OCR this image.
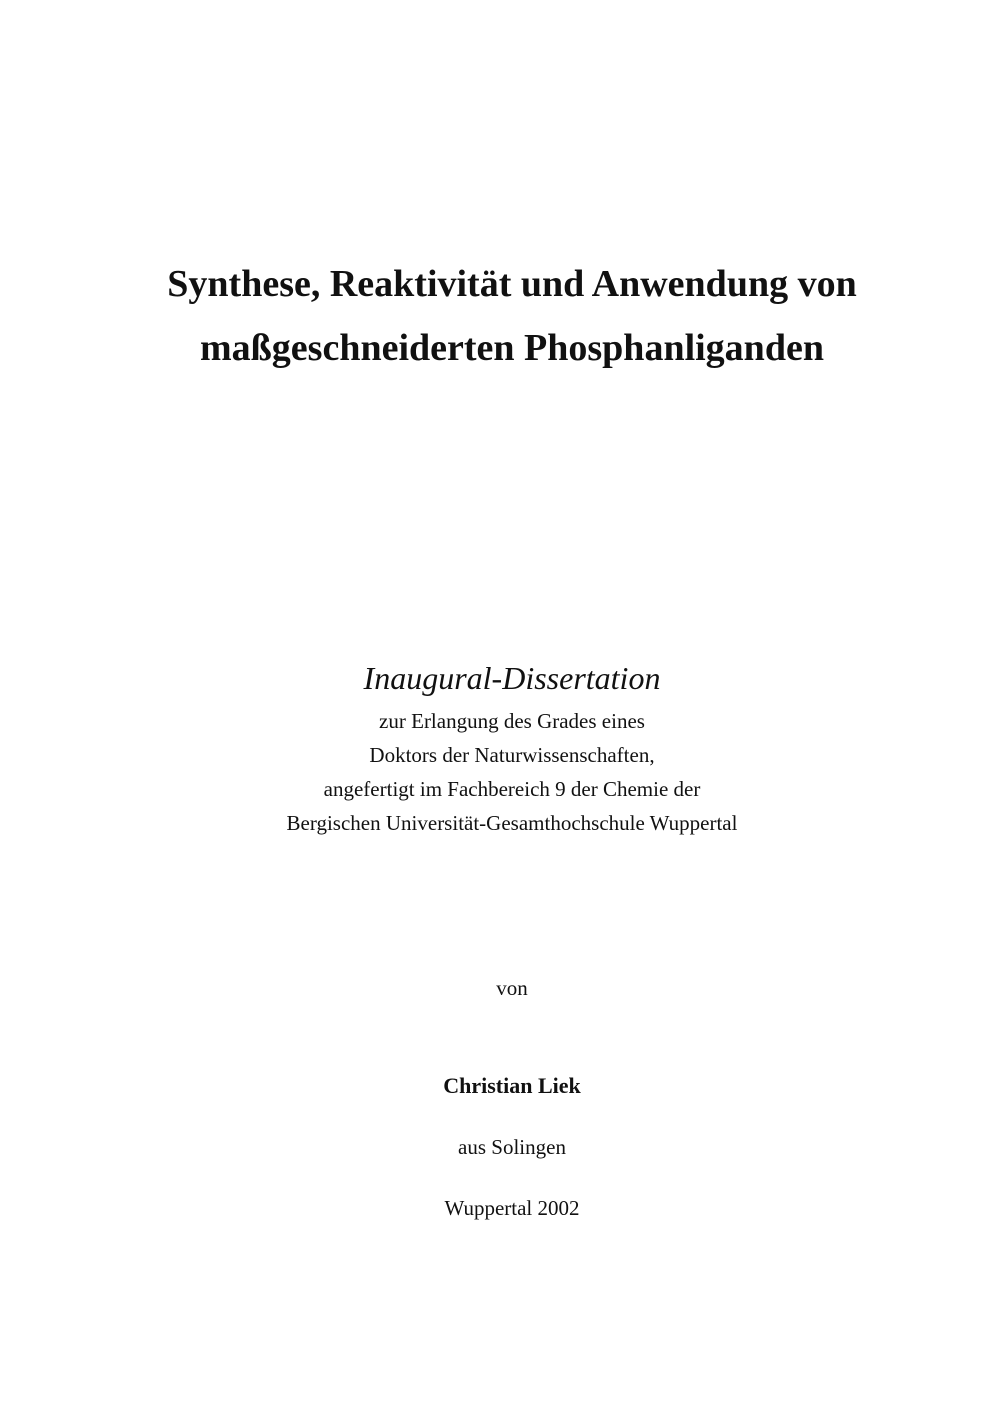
Synthese, Reaktivität und Anwendung von
maßgeschneiderten Phosphanliganden
Inaugural-Dissertation
zur Erlangung des Grades eines
Doktors der Naturwissenschaften,
angefertigt im Fachbereich 9 der Chemie der
Bergischen Universität-Gesamthochschule Wuppertal
von
Christian Liek
aus Solingen
Wuppertal 2002
